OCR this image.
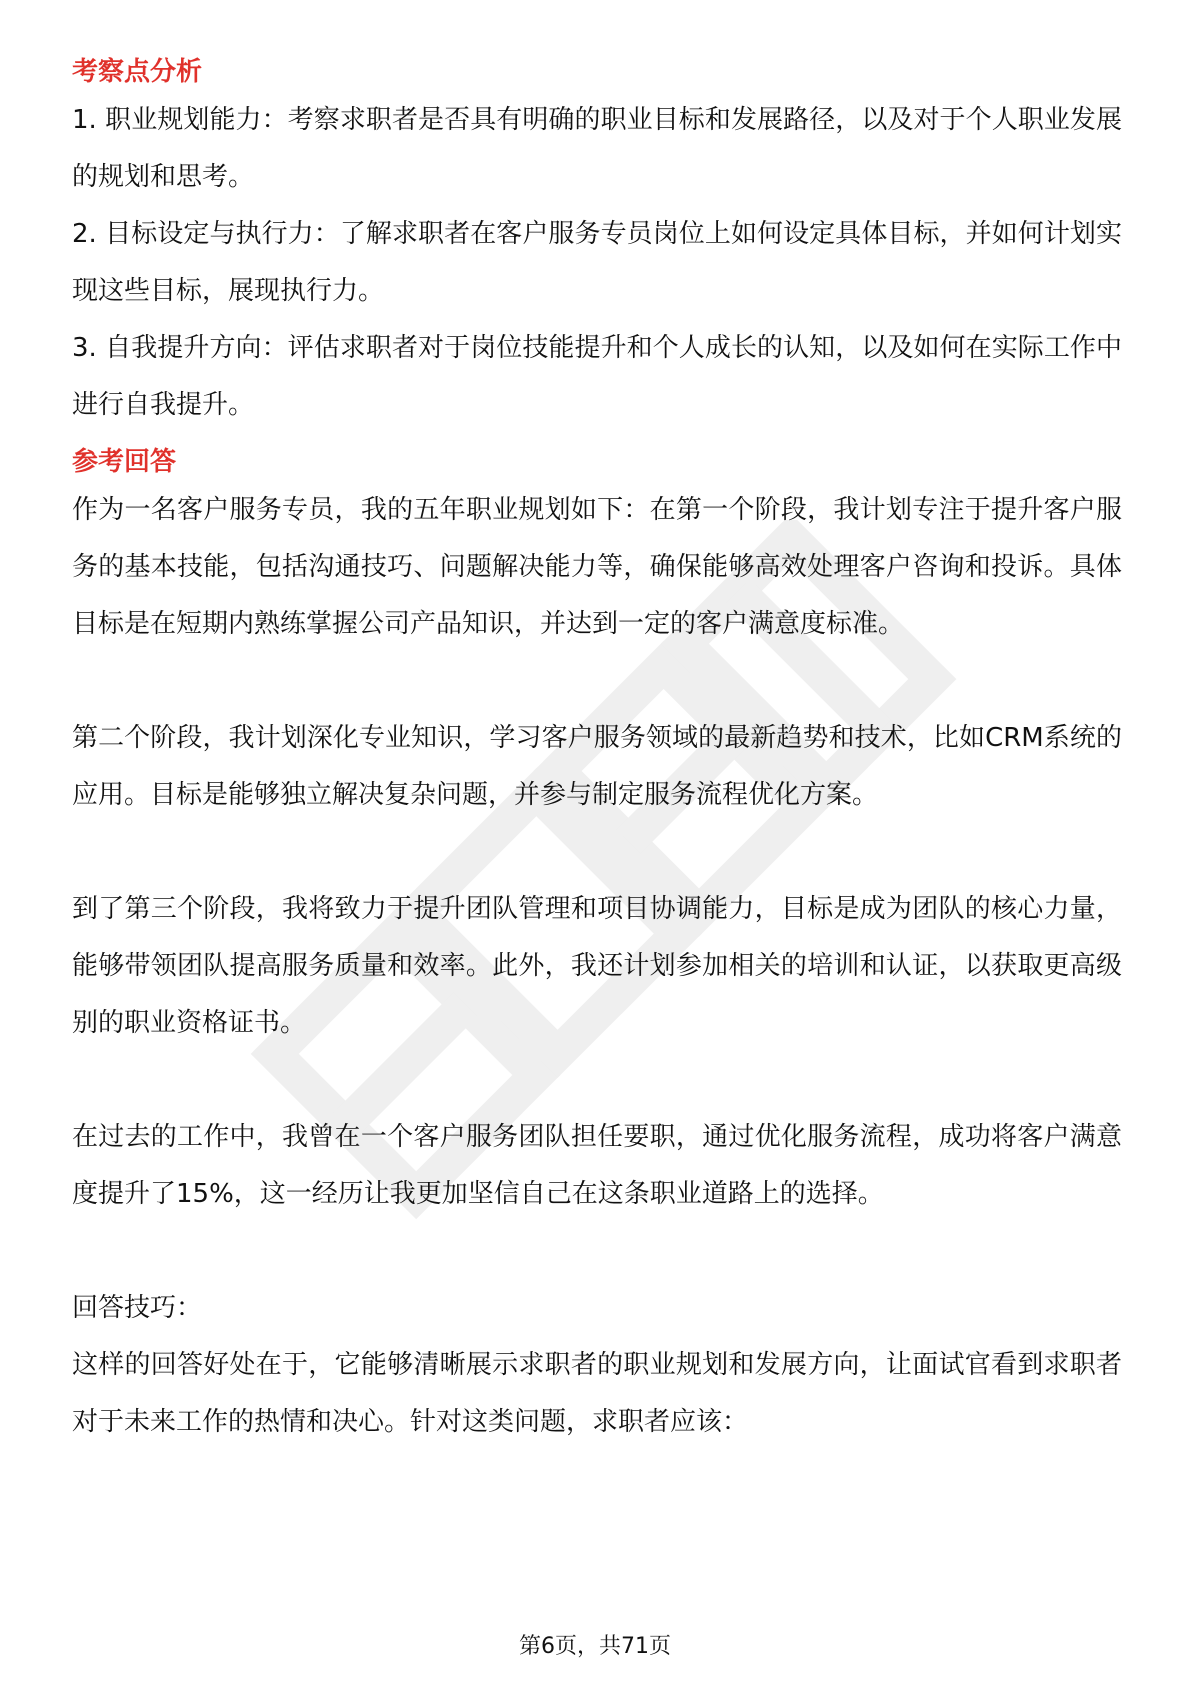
考察点分析

1. 职业规划能力：考察求职者是否具有明确的职业目标和发展路径，以及对于个人职业发展的规划和思考。

2. 目标设定与执行力：了解求职者在客户服务专员岗位上如何设定具体目标，并如何计划实现这些目标，展现执行力。

3. 自我提升方向：评估求职者对于岗位技能提升和个人成长的认知，以及如何在实际工作中进行自我提升。

参考回答

作为一名客户服务专员，我的五年职业规划如下：在第一个阶段，我计划专注于提升客户服务的基本技能，包括沟通技巧、问题解决能力等，确保能够高效处理客户咨询和投诉。具体目标是在短期内熟练掌握公司产品知识，并达到一定的客户满意度标准。

第二个阶段，我计划深化专业知识，学习客户服务领域的最新趋势和技术，比如CRM系统的应用。目标是能够独立解决复杂问题，并参与制定服务流程优化方案。

到了第三个阶段，我将致力于提升团队管理和项目协调能力，目标是成为团队的核心力量，能够带领团队提高服务质量和效率。此外，我还计划参加相关的培训和认证，以获取更高级别的职业资格证书。

在过去的工作中，我曾在一个客户服务团队担任要职，通过优化服务流程，成功将客户满意度提升了15%，这一经历让我更加坚信自己在这条职业道路上的选择。

回答技巧：

这样的回答好处在于，它能够清晰展示求职者的职业规划和发展方向，让面试官看到求职者对于未来工作的热情和决心。针对这类问题，求职者应该：

第6页，共71页
